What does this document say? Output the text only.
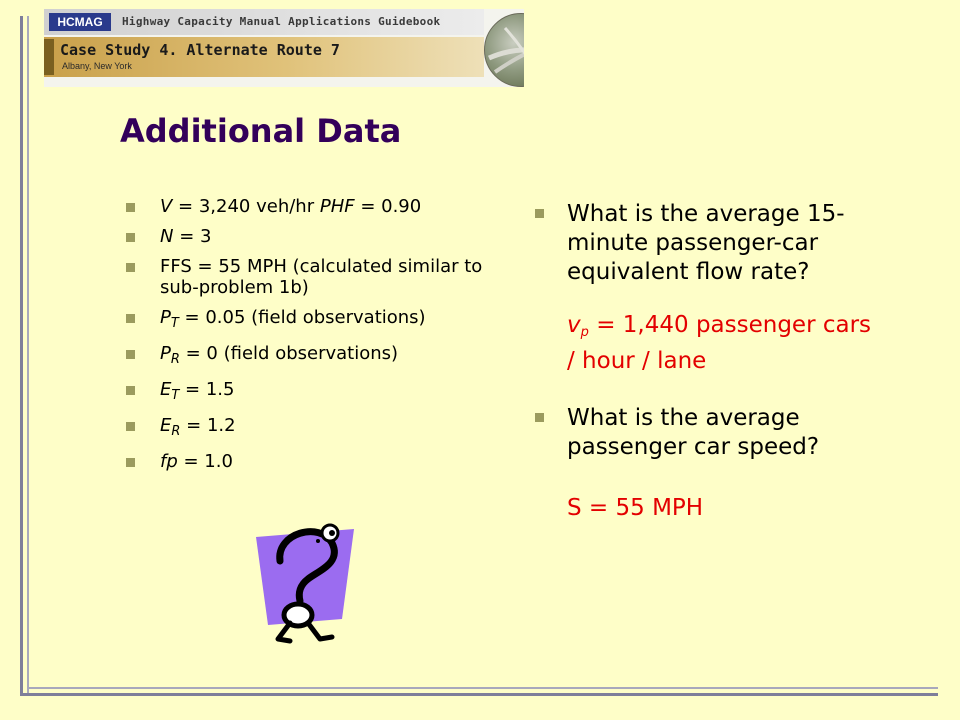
HCMAG	Highway Capacity Manual Applications Guidebook
Case Study 4. Alternate Route 7
Albany, New York
Additional Data
V = 3,240 veh/hr PHF = 0.90
N = 3
FFS = 55 MPH (calculated similar to sub-problem 1b)
$P_T = 0.05$ (field observations)
$P_R = 0$ (field observations)
$E_T = 1.5$
$E_R = 1.2$
fp = 1.0
What is the average 15-minute passenger-car equivalent flow rate?
$v_p = 1,440$ passenger cars / hour / lane
What is the average passenger car speed?
S = 55 MPH
